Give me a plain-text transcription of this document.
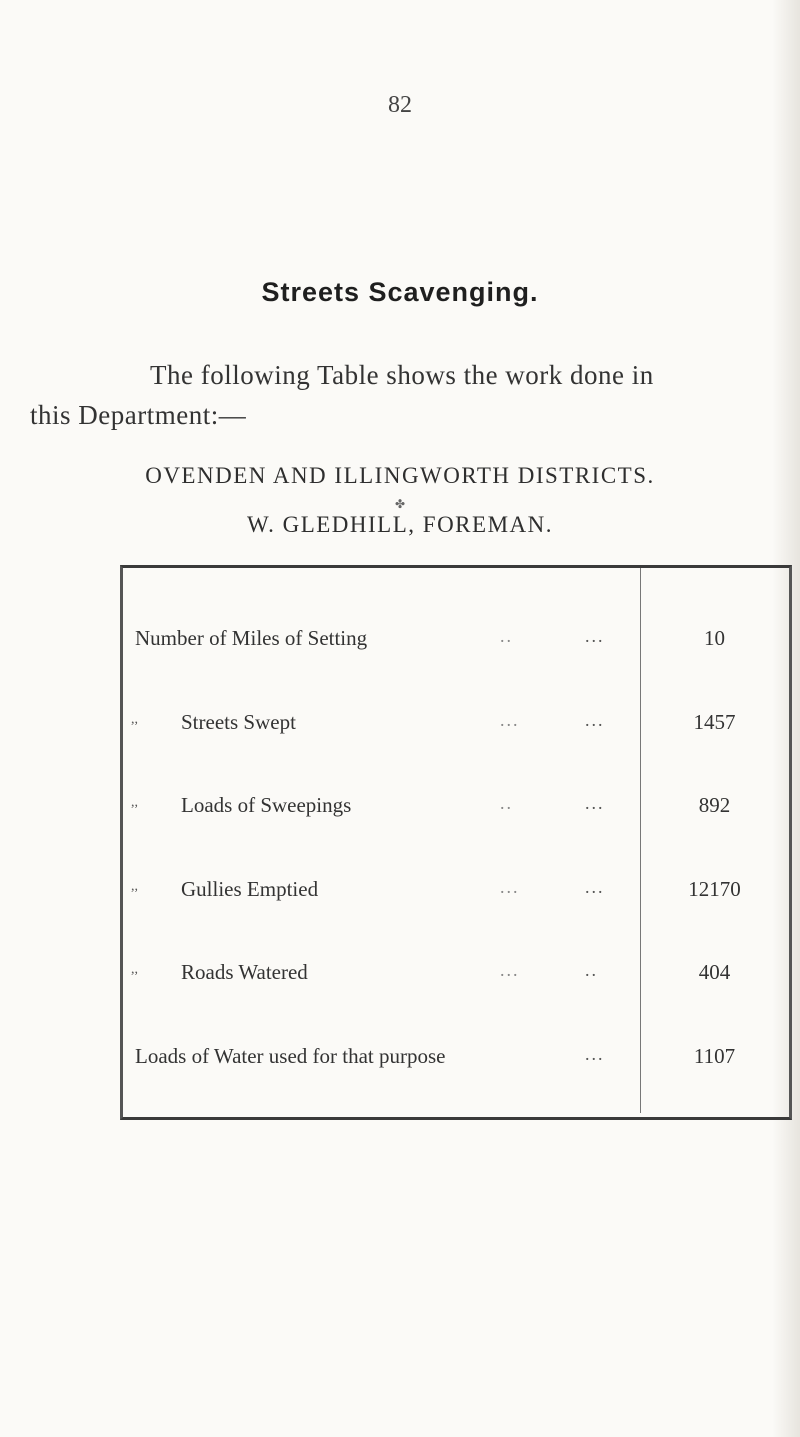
82
Streets Scavenging.
The following Table shows the work done in
this Department:—
OVENDEN AND ILLINGWORTH DISTRICTS.
✤
W. GLEDHILL, FOREMAN.
Number of Miles of Setting	..	...	10
,, Streets Swept	...	...	1457
,, Loads of Sweepings	..	...	892
,, Gullies Emptied	...	...	12170
,, Roads Watered	...	..	404
Loads of Water used for that purpose	...	1107
